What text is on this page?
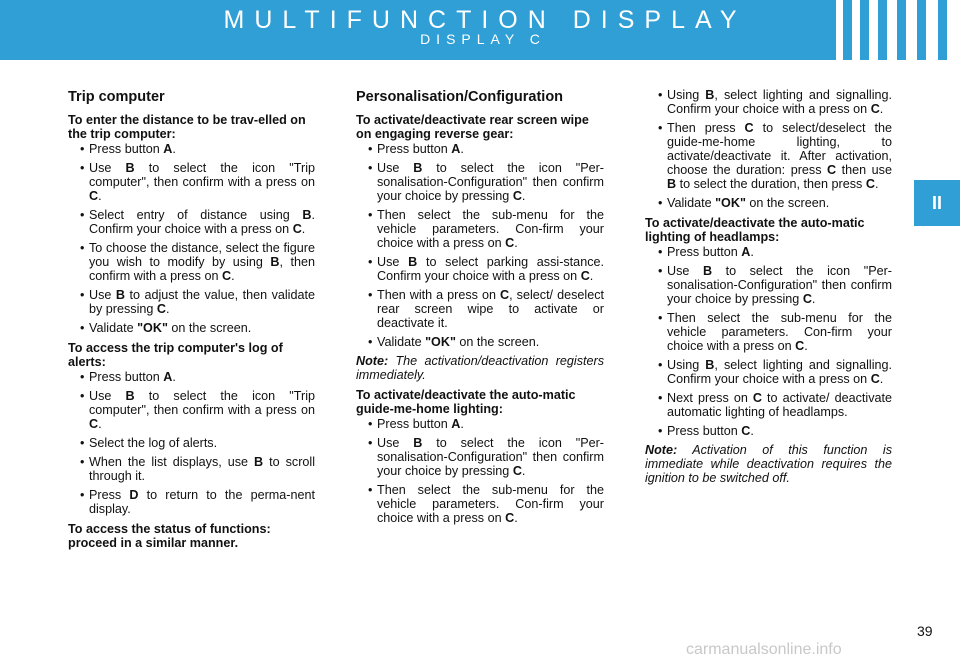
MULTIFUNCTION DISPLAY
DISPLAY C
II
Trip computer
To enter the distance to be trav-elled on the trip computer:
• Press button A.
• Use B to select the icon "Trip computer", then confirm with a press on C.
• Select entry of distance using B. Confirm your choice with a press on C.
• To choose the distance, select the figure you wish to modify by using B, then confirm with a press on C.
• Use B to adjust the value, then validate by pressing C.
• Validate "OK" on the screen.
To access the trip computer's log of alerts:
• Press button A.
• Use B to select the icon "Trip computer", then confirm with a press on C.
• Select the log of alerts.
• When the list displays, use B to scroll through it.
• Press D to return to the perma-nent display.
To access the status of functions: proceed in a similar manner.
Personalisation/Configuration
To activate/deactivate rear screen wipe on engaging reverse gear:
• Press button A.
• Use B to select the icon "Per-sonalisation-Configuration" then confirm your choice by pressing C.
• Then select the sub-menu for the vehicle parameters. Con-firm your choice with a press on C.
• Use B to select parking assi-stance. Confirm your choice with a press on C.
• Then with a press on C, select/ deselect rear screen wipe to activate or deactivate it.
• Validate "OK" on the screen.

Note: The activation/deactivation registers immediately.

To activate/deactivate the auto-matic guide-me-home lighting:
• Press button A.
• Use B to select the icon "Per-sonalisation-Configuration" then confirm your choice by pressing C.
• Then select the sub-menu for the vehicle parameters. Con-firm your choice with a press on C.
• Using B, select lighting and signalling. Confirm your choice with a press on C.
• Then press C to select/deselect the guide-me-home lighting, to activate/deactivate it. After activation, choose the duration: press C then use B to select the duration, then press C.
• Validate "OK" on the screen.
To activate/deactivate the auto-matic lighting of headlamps:
• Press button A.
• Use B to select the icon "Per-sonalisation-Configuration" then confirm your choice by pressing C.
• Then select the sub-menu for the vehicle parameters. Con-firm your choice with a press on C.
• Using B, select lighting and signalling. Confirm your choice with a press on C.
• Next press on C to activate/ deactivate automatic lighting of headlamps.
• Press button C.

Note: Activation of this function is immediate while deactivation requires the ignition to be switched off.

39
carmanualsonline.info
